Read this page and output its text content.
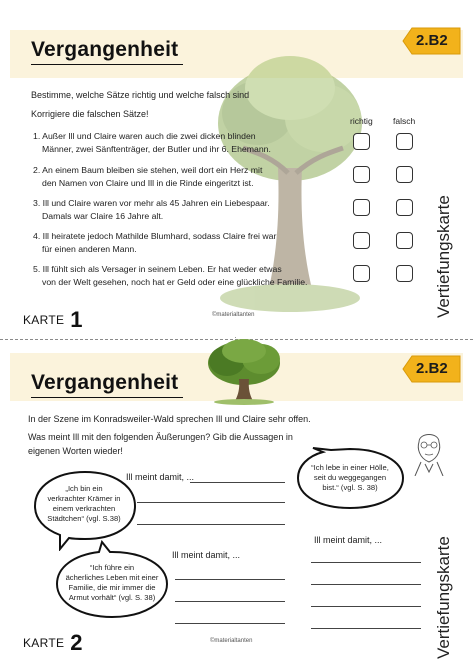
Vergangenheit	2.B2
Bestimme, welche Sätze richtig und welche falsch sind
Korrigiere die falschen Sätze!
richtig falsch
1. Außer Ill und Claire waren auch die zwei dicken blinden
Männer, zwei Sänftenträger, der Butler und ihr 6. Ehemann.
2. An einem Baum bleiben sie stehen, weil dort ein Herz mit
den Namen von Claire und Ill in die Rinde eingeritzt ist.
3. Ill und Claire waren vor mehr als 45 Jahren ein Liebespaar.
Damals war Claire 16 Jahre alt.
4. Ill heiratete jedoch Mathilde Blumhard, sodass Claire frei war
für einen anderen Mann.
5. Ill fühlt sich als Versager in seinem Leben. Er hat weder etwas
von der Welt gesehen, noch hat er Geld oder eine glückliche Familie.	Vertiefungskarte
KARTE 1	©materialtanten
Vergangenheit
2.B2
In der Szene im Konradsweiler-Wald sprechen Ill und Claire sehr offen.
Was meint Ill mit den folgenden Äußerungen? Gib die Aussagen in
eigenen Worten wieder!
„Ich bin ein
verkrachter Krämer in
einem verkrachten
Städtchen“ (vgl. S.38)
“Ich führe ein
ächerliches Leben mit einer
Familie, die mir immer die
Armut vorhält“ (vgl. S. 38)
“Ich lebe in einer Hölle,
seit du weggegangen
bist.“ (vgl. S. 38)
Ill meint damit, ...
Ill meint damit, ...
Ill meint damit, ...	Vertiefungskarte
KARTE 2	©materialtanten
